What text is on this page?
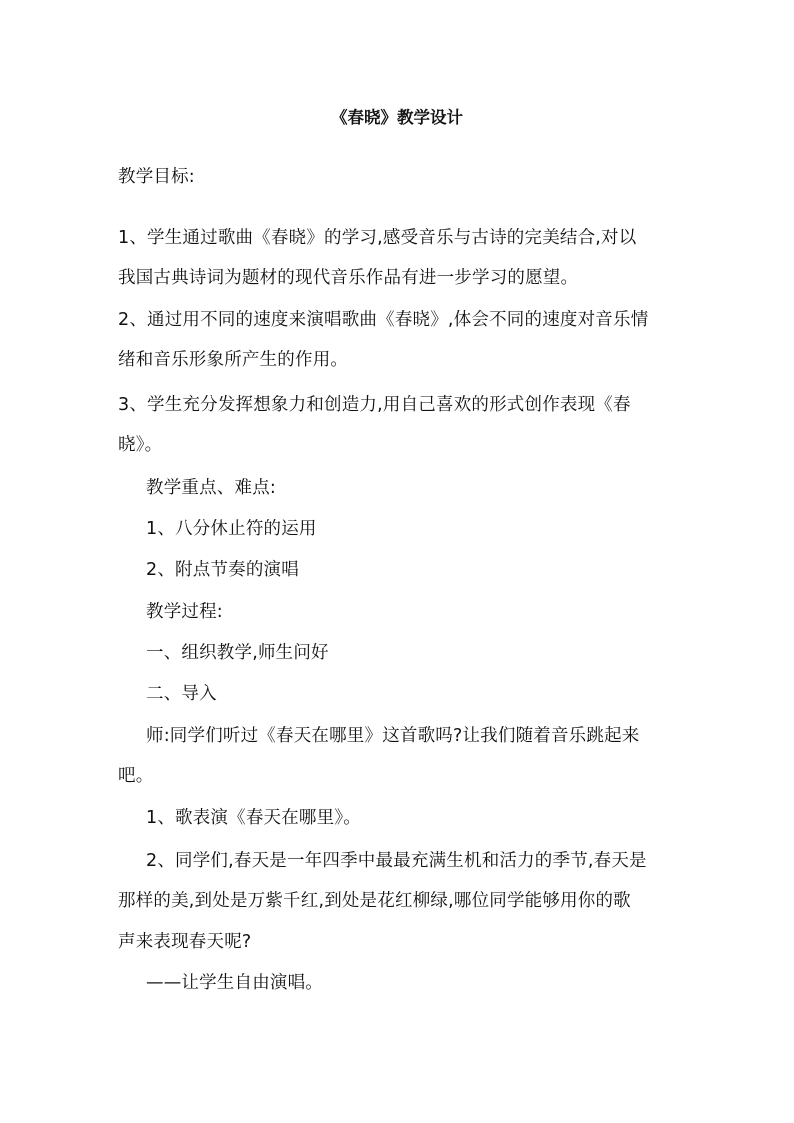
《春晓》教学设计
教学目标:
1、学生通过歌曲《春晓》的学习,感受音乐与古诗的完美结合,对以
我国古典诗词为题材的现代音乐作品有进一步学习的愿望。
2、通过用不同的速度来演唱歌曲《春晓》,体会不同的速度对音乐情
绪和音乐形象所产生的作用。
3、学生充分发挥想象力和创造力,用自己喜欢的形式创作表现《春
晓》。
教学重点、难点:
1、八分休止符的运用
2、附点节奏的演唱
教学过程:
一、组织教学,师生问好
二、导入
师:同学们听过《春天在哪里》这首歌吗?让我们随着音乐跳起来
吧。
1、歌表演《春天在哪里》。
2、同学们,春天是一年四季中最最充满生机和活力的季节,春天是
那样的美,到处是万紫千红,到处是花红柳绿,哪位同学能够用你的歌
声来表现春天呢?
——让学生自由演唱。
